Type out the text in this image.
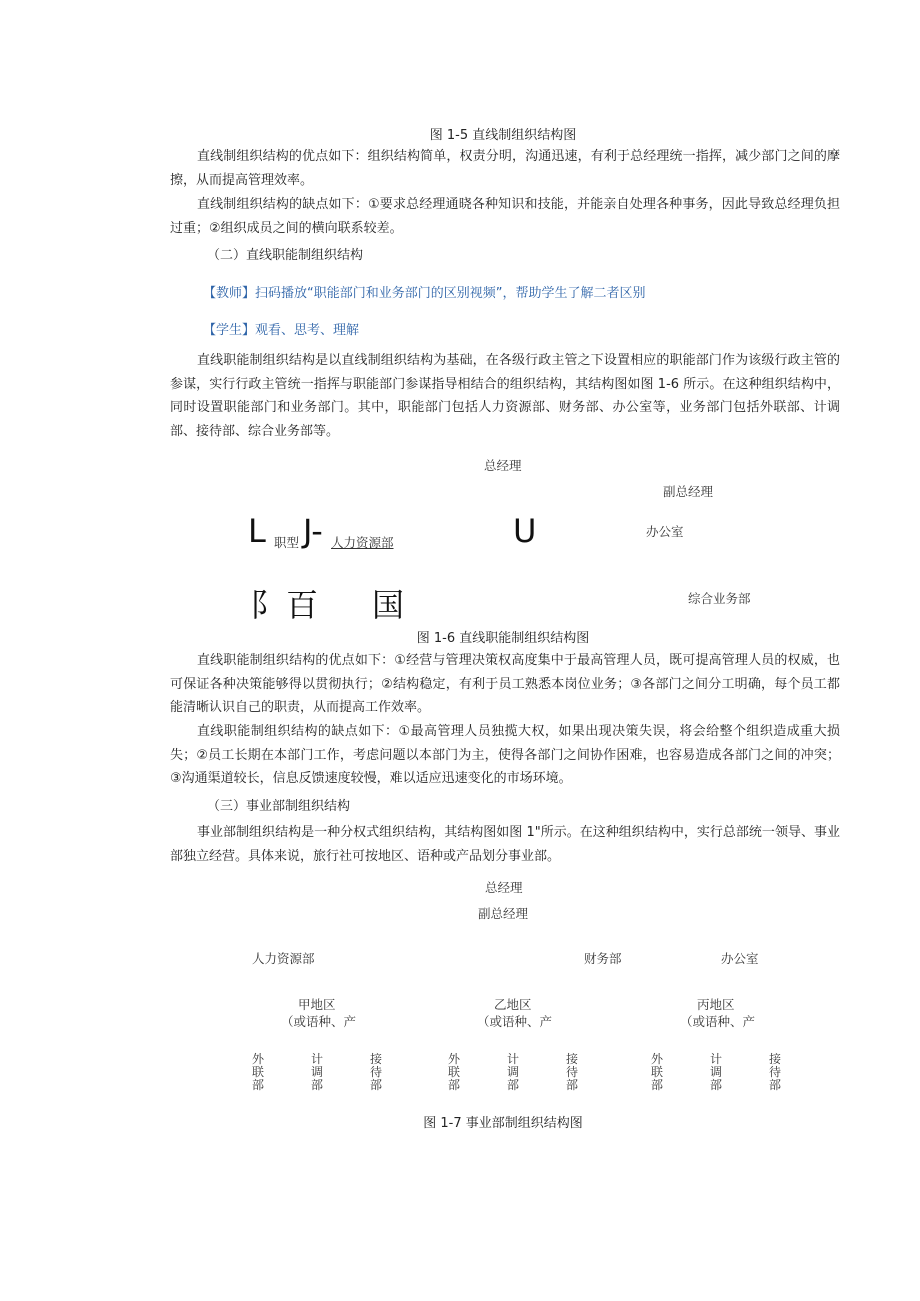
图 1-5 直线制组织结构图

直线制组织结构的优点如下：组织结构简单，权责分明，沟通迅速，有利于总经理统一指挥，减少部门之间的摩擦，从而提高管理效率。

直线制组织结构的缺点如下：①要求总经理通晓各种知识和技能，并能亲自处理各种事务，因此导致总经理负担过重；②组织成员之间的横向联系较差。

（二）直线职能制组织结构
【教师】扫码播放“职能部门和业务部门的区别视频”，帮助学生了解二者区别
【学生】观看、思考、理解

直线职能制组织结构是以直线制组织结构为基础，在各级行政主管之下设置相应的职能部门作为该级行政主管的参谋，实行行政主管统一指挥与职能部门参谋指导相结合的组织结构，其结构图如图 1-6 所示。在这种组织结构中，同时设置职能部门和业务部门。其中，职能部门包括人力资源部、财务部、办公室等，业务部门包括外联部、计调部、接待部、综合业务部等。

总经理
副总经理
L 职型 J- 人力资源部	U	办公室
阝百 国	综合业务部
图 1-6 直线职能制组织结构图

直线职能制组织结构的优点如下：①经营与管理决策权高度集中于最高管理人员，既可提高管理人员的权威，也可保证各种决策能够得以贯彻执行；②结构稳定，有利于员工熟悉本岗位业务；③各部门之间分工明确，每个员工都能清晰认识自己的职责，从而提高工作效率。

直线职能制组织结构的缺点如下：①最高管理人员独揽大权，如果出现决策失误，将会给整个组织造成重大损失；②员工长期在本部门工作，考虑问题以本部门为主，使得各部门之间协作困难，也容易造成各部门之间的冲突；③沟通渠道较长，信息反馈速度较慢，难以适应迅速变化的市场环境。

（三）事业部制组织结构

事业部制组织结构是一种分权式组织结构，其结构图如图 1"所示。在这种组织结构中，实行总部统一领导、事业部独立经营。具体来说，旅行社可按地区、语种或产品划分事业部。

总经理
副总经理
人力资源部	财务部	办公室
甲地区
（或语种、产
乙地区
（或语种、产
丙地区
（或语种、产
外联部
计调部
接待部
外联部
计调部
接待部
外联部
计调部
接待部
图 1-7 事业部制组织结构图
